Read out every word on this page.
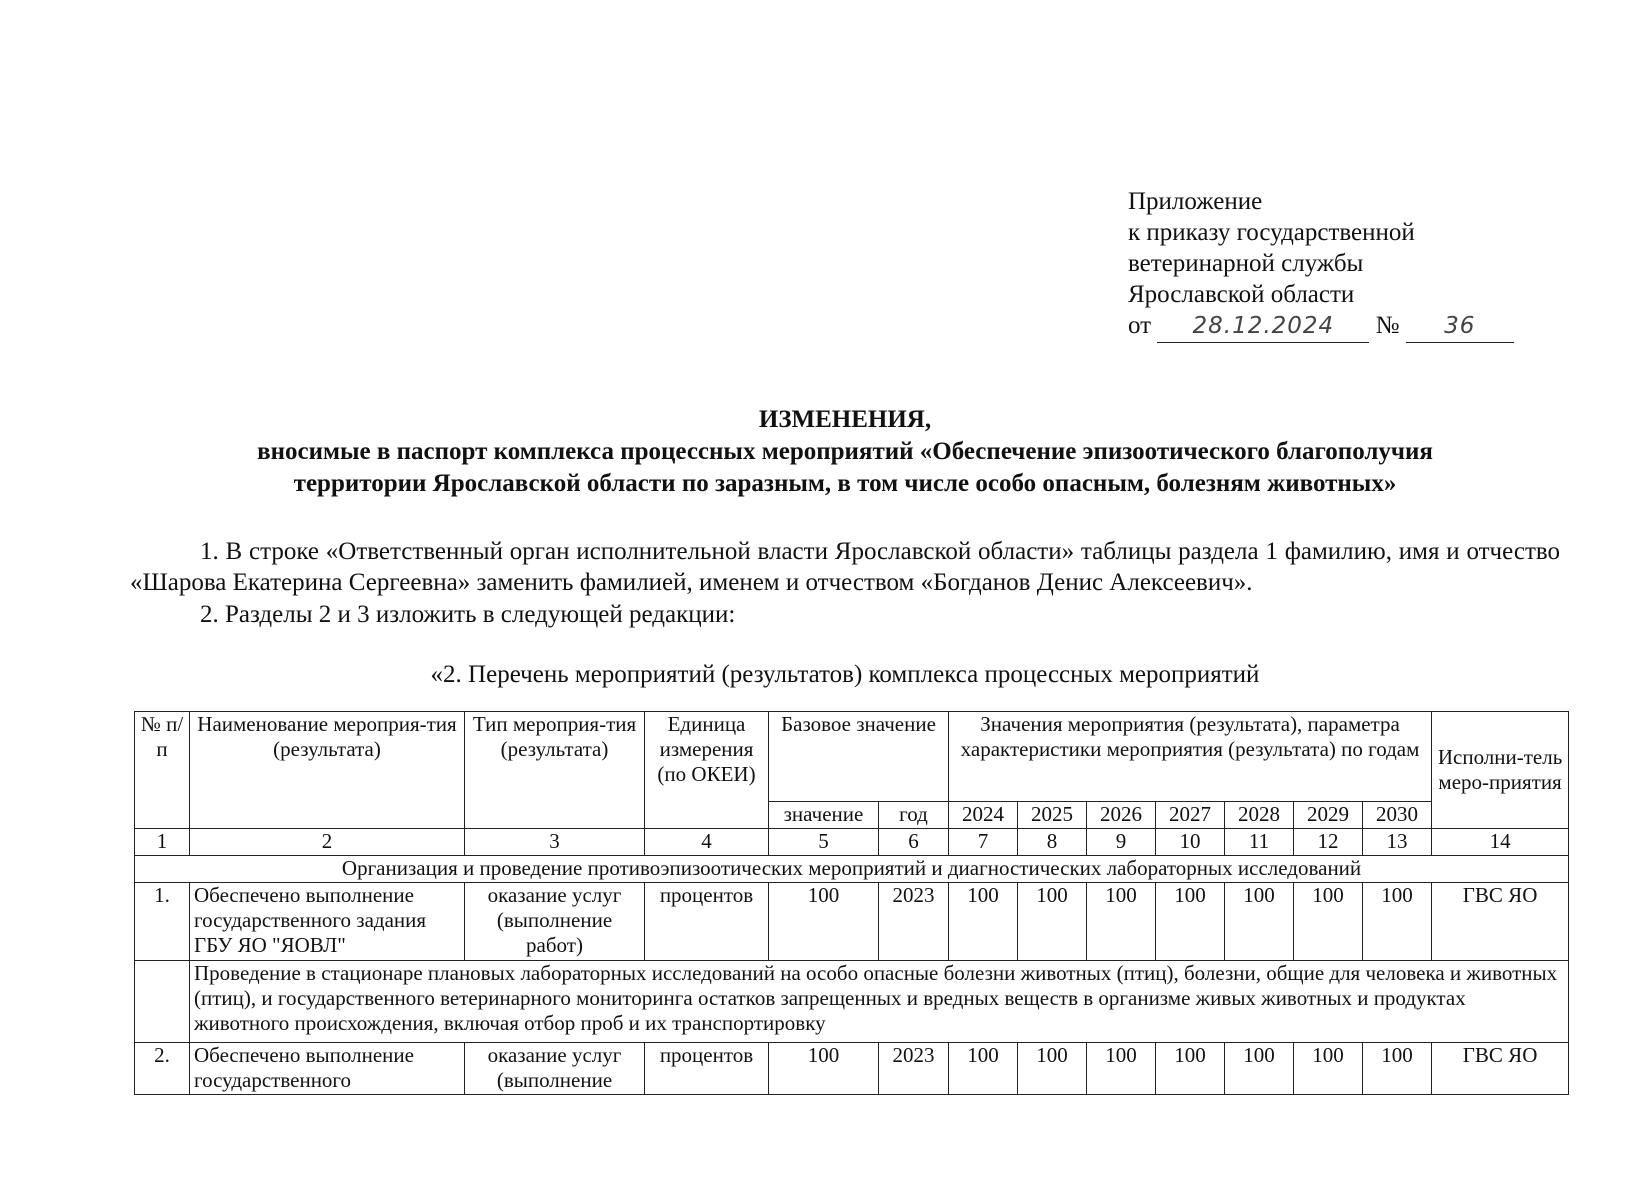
Приложение
к приказу государственной
ветеринарной службы
Ярославской области
от 28.12.2024 № 36
ИЗМЕНЕНИЯ,
вносимые в паспорт комплекса процессных мероприятий «Обеспечение эпизоотического благополучия
территории Ярославской области по заразным, в том числе особо опасным, болезням животных»
1. В строке «Ответственный орган исполнительной власти Ярославской области» таблицы раздела 1 фамилию, имя и отчество «Шарова Екатерина Сергеевна» заменить фамилией, именем и отчеством «Богданов Денис Алексеевич».
2. Разделы 2 и 3 изложить в следующей редакции:
«2. Перечень мероприятий (результатов) комплекса процессных мероприятий
№ п/п	Наименование мероприя-тия (результата)	Тип мероприя-тия (результата)	Единица измерения (по ОКЕИ)	Базовое значение		Значения мероприятия (результата), параметра характеристики мероприятия (результата) по годам							Исполни-тель меро-приятия
				значение	год	2024	2025	2026	2027	2028	2029	2030	
1	2	3	4	5	6	7	8	9	10	11	12	13	14
Организация и проведение противоэпизоотических мероприятий и диагностических лабораторных исследований													
1.	Обеспечено выполнение государственного задания ГБУ ЯО "ЯОВЛ"	оказание услуг (выполнение работ)	процентов	100	2023	100	100	100	100	100	100	100	ГВС ЯО
	Проведение в стационаре плановых лабораторных исследований на особо опасные болезни животных (птиц), болезни, общие для человека и животных (птиц), и государственного ветеринарного мониторинга остатков запрещенных и вредных веществ в организме живых животных и продуктах животного происхождения, включая отбор проб и их транспортировку												
2.	Обеспечено выполнение государственного	оказание услуг (выполнение	процентов	100	2023	100	100	100	100	100	100	100	ГВС ЯО
